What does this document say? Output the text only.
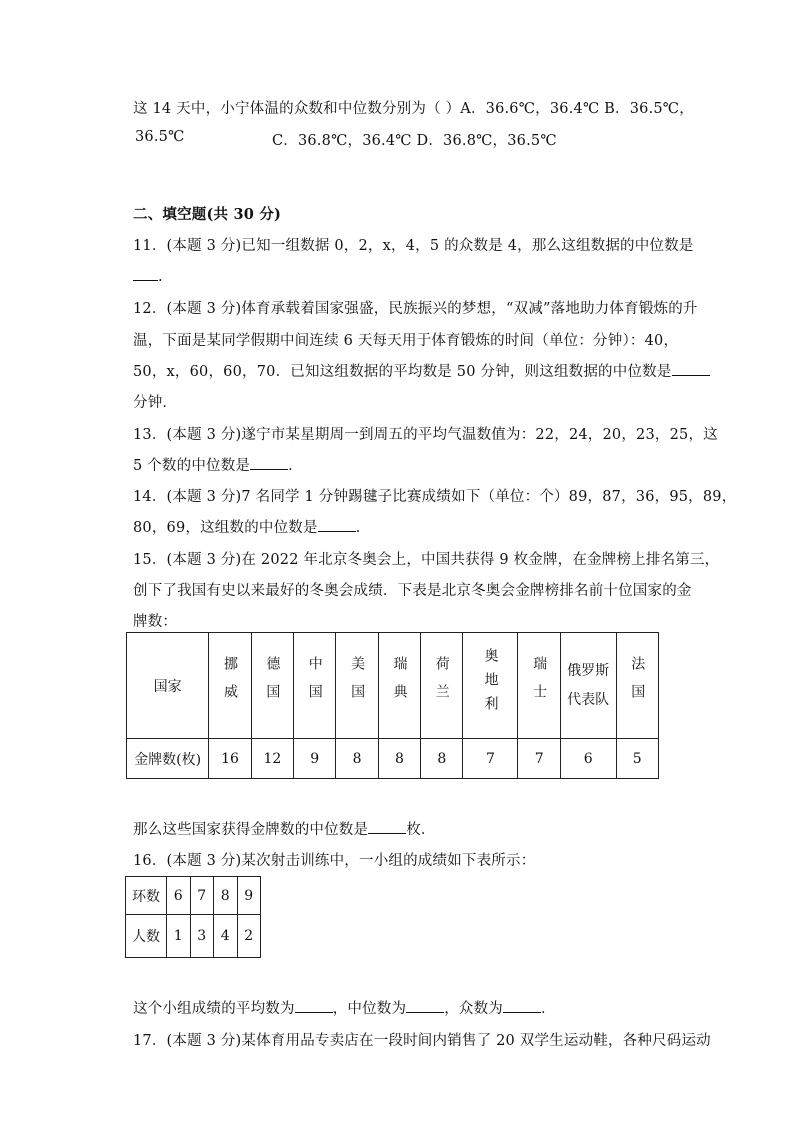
这 14 天中，小宁体温的众数和中位数分别为（ ）A．36.6℃，36.4℃ B．36.5℃，
36.5℃	C．36.8℃，36.4℃ D．36.8℃，36.5℃
二、填空题(共 30 分)
11．(本题 3 分)已知一组数据 0，2，x，4，5 的众数是 4，那么这组数据的中位数是
.
12．(本题 3 分)体育承载着国家强盛，民族振兴的梦想，“双减”落地助力体育锻炼的升
温，下面是某同学假期中间连续 6 天每天用于体育锻炼的时间（单位：分钟）：40，
50，x，60，60，70．已知这组数据的平均数是 50 分钟，则这组数据的中位数是
分钟．
13．(本题 3 分)遂宁市某星期周一到周五的平均气温数值为：22，24，20，23，25，这
5 个数的中位数是	．
14．(本题 3 分)7 名同学 1 分钟踢毽子比赛成绩如下（单位：个）89，87，36，95，89，
80，69，这组数的中位数是	．
15．(本题 3 分)在 2022 年北京冬奥会上，中国共获得 9 枚金牌，在金牌榜上排名第三，
创下了我国有史以来最好的冬奥会成绩．下表是北京冬奥会金牌榜排名前十位国家的金
牌数：
国家	挪威	德国	中国	美国	瑞典	荷兰	奥地利	瑞士	俄罗斯代表队	法国
金牌数(枚)	16	12	9	8	8	8	7	7	6	5
那么这些国家获得金牌数的中位数是	枚．
16．(本题 3 分)某次射击训练中，一小组的成绩如下表所示：
环数	6	7	8	9
人数	1	3	4	2
这个小组成绩的平均数为	，中位数为	，众数为	．
17．(本题 3 分)某体育用品专卖店在一段时间内销售了 20 双学生运动鞋，各种尺码运动
